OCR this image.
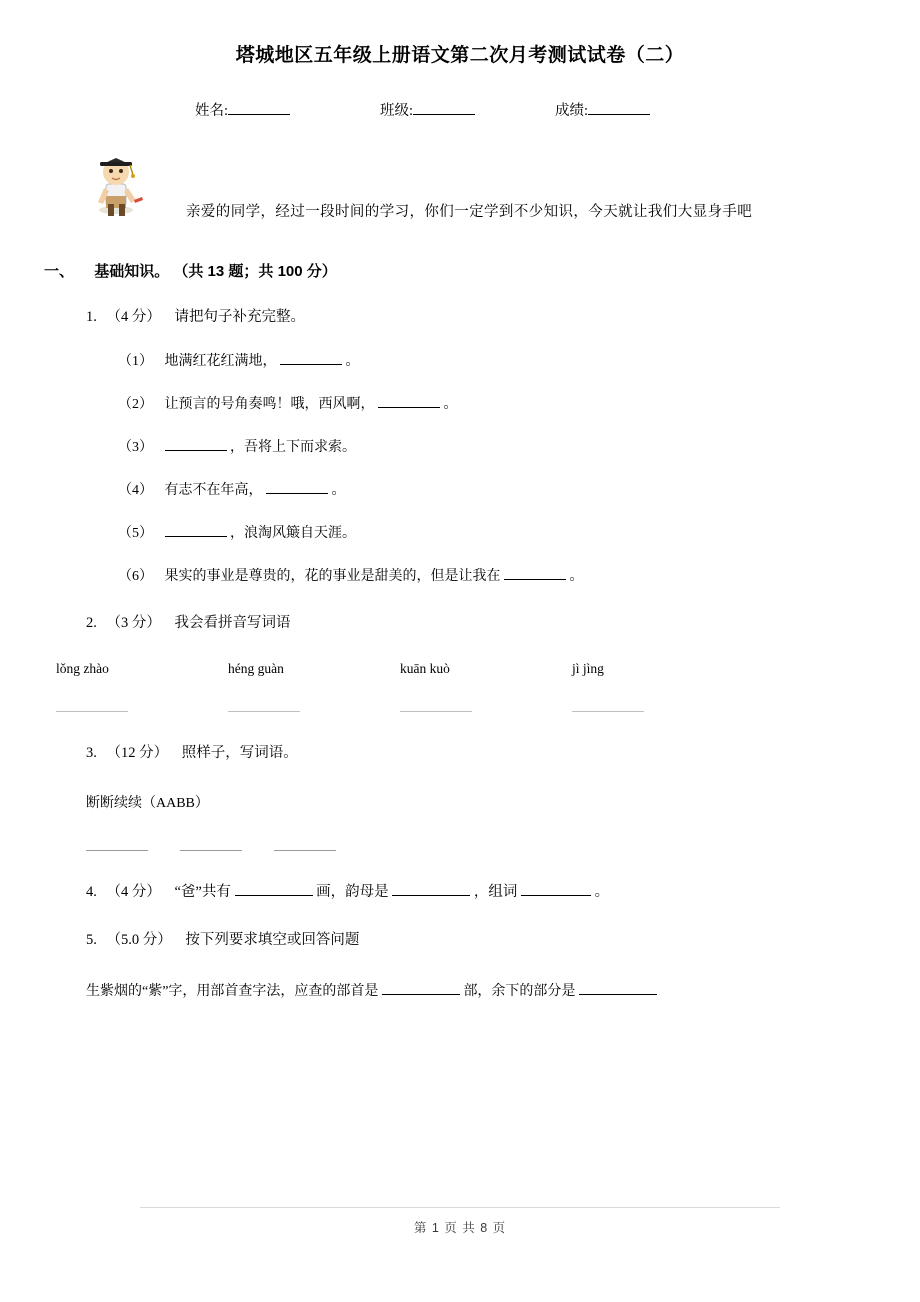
塔城地区五年级上册语文第二次月考测试试卷（二）
姓名:	班级:	成绩:
亲爱的同学，经过一段时间的学习，你们一定学到不少知识，今天就让我们大显身手吧
一、 基础知识。 （共 13 题；共 100 分）
1. （4 分） 请把句子补充完整。
（1） 地满红花红满地，	。
（2） 让预言的号角奏鸣！哦，西风啊，	。
（3）	，吾将上下而求索。
（4） 有志不在年高，	。
（5）	，浪淘风簸自天涯。
（6） 果实的事业是尊贵的，花的事业是甜美的，但是让我在	。
2. （3 分） 我会看拼音写词语
lǒng zhào	héng guàn	kuān kuò	jì jìng
3. （12 分） 照样子，写词语。
断断续续（AABB）

4. （4 分） “爸”共有	画，韵母是	，组词	。
5. （5.0 分） 按下列要求填空或回答问题
生紫烟的“紫”字，用部首查字法，应查的部首是	部，余下的部分是
第 1 页 共 8 页
